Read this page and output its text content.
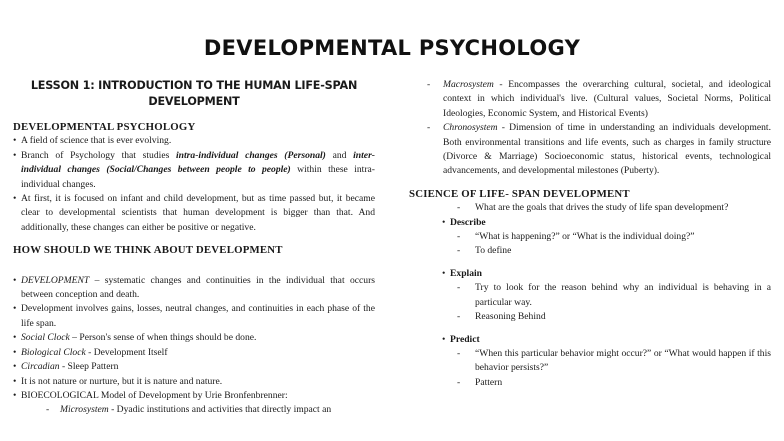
DEVELOPMENTAL PSYCHOLOGY
LESSON 1: INTRODUCTION TO THE HUMAN LIFE-SPAN
DEVELOPMENT
DEVELOPMENTAL PSYCHOLOGY
• A field of science that is ever evolving.

• Branch of Psychology that studies intra-individual changes (Personal) and inter-individual changes (Social/Changes between people to people) within these intra-individual changes.

• At first, it is focused on infant and child development, but as time passed but, it became clear to developmental scientists that human development is bigger than that. And additionally, these changes can either be positive or negative.

HOW SHOULD WE THINK ABOUT DEVELOPMENT
• DEVELOPMENT – systematic changes and continuities in the individual that occurs between conception and death.

• Development involves gains, losses, neutral changes, and continuities in each phase of the life span.

• Social Clock – Person's sense of when things should be done.

• Biological Clock - Development Itself

• Circadian - Sleep Pattern

• It is not nature or nurture, but it is nature and nature.

• BIOECOLOGICAL Model of Development by Urie Bronfenbrenner:

-	Microsystem - Dyadic institutions and activities that directly impact an

-	Macrosystem - Encompasses the overarching cultural, societal, and ideological context in which individual's live. (Cultural values, Societal Norms, Political Ideologies, Economic System, and Historical Events)

-	Chronosystem - Dimension of time in understanding an individuals development. Both environmental transitions and life events, such as charges in family structure (Divorce & Marriage) Socioeconomic status, historical events, technological advancements, and developmental milestones (Puberty).

SCIENCE OF LIFE- SPAN DEVELOPMENT
-	What are the goals that drives the study of life span development?

• Describe
-	“What is happening?” or “What is the individual doing?”

-	To define

• Explain
-	Try to look for the reason behind why an individual is behaving in a particular way.

-	Reasoning Behind

• Predict
-	“When this particular behavior might occur?” or “What would happen if this behavior persists?”

-	Pattern
